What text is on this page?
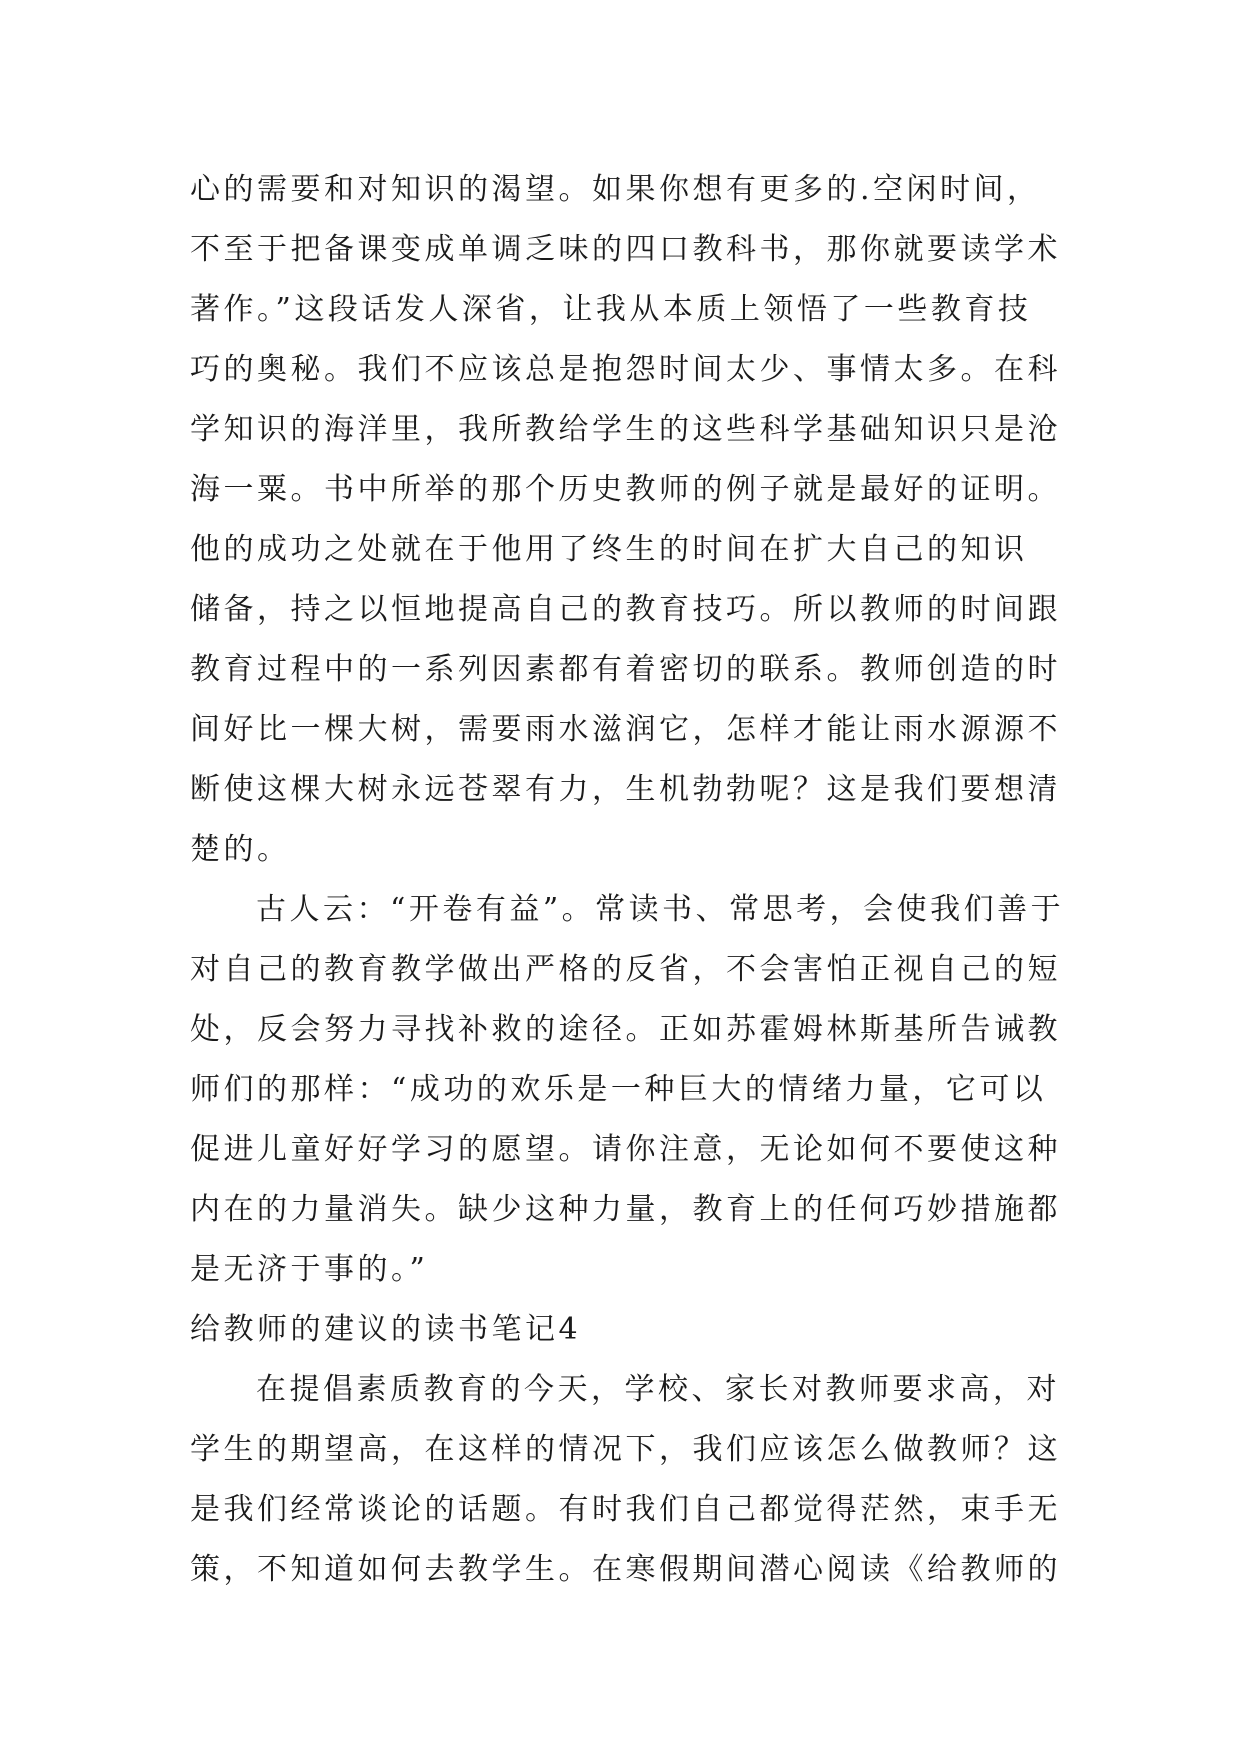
心的需要和对知识的渴望。如果你想有更多的.空闲时间，
不至于把备课变成单调乏味的四口教科书，那你就要读学术
著作。”这段话发人深省，让我从本质上领悟了一些教育技
巧的奥秘。我们不应该总是抱怨时间太少、事情太多。在科
学知识的海洋里，我所教给学生的这些科学基础知识只是沧
海一粟。书中所举的那个历史教师的例子就是最好的证明。
他的成功之处就在于他用了终生的时间在扩大自己的知识
储备，持之以恒地提高自己的教育技巧。所以教师的时间跟
教育过程中的一系列因素都有着密切的联系。教师创造的时
间好比一棵大树，需要雨水滋润它，怎样才能让雨水源源不
断使这棵大树永远苍翠有力，生机勃勃呢？这是我们要想清
楚的。
古人云：“开卷有益”。常读书、常思考，会使我们善于
对自己的教育教学做出严格的反省，不会害怕正视自己的短
处，反会努力寻找补救的途径。正如苏霍姆林斯基所告诫教
师们的那样：“成功的欢乐是一种巨大的情绪力量，它可以
促进儿童好好学习的愿望。请你注意，无论如何不要使这种
内在的力量消失。缺少这种力量，教育上的任何巧妙措施都
是无济于事的。”
给教师的建议的读书笔记4
在提倡素质教育的今天，学校、家长对教师要求高，对
学生的期望高，在这样的情况下，我们应该怎么做教师？这
是我们经常谈论的话题。有时我们自己都觉得茫然，束手无
策，不知道如何去教学生。在寒假期间潜心阅读《给教师的
